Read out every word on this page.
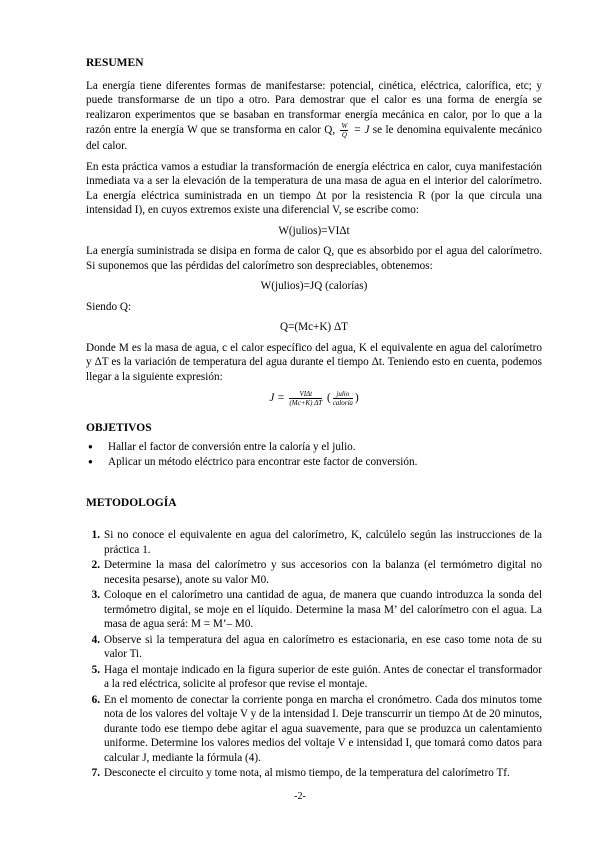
RESUMEN

La energía tiene diferentes formas de manifestarse: potencial, cinética, eléctrica, calorífica, etc; y puede transformarse de un tipo a otro. Para demostrar que el calor es una forma de energía se realizaron experimentos que se basaban en transformar energía mecánica en calor, por lo que a la razón entre la energía W que se transforma en calor Q, $\frac{W}{Q} = J$ se le denomina equivalente mecánico del calor.

En esta práctica vamos a estudiar la transformación de energía eléctrica en calor, cuya manifestación inmediata va a ser la elevación de la temperatura de una masa de agua en el interior del calorímetro. La energía eléctrica suministrada en un tiempo Δt por la resistencia R (por la que circula una intensidad I), en cuyos extremos existe una diferencial V, se escribe como:

W(julios)=VIΔt

La energía suministrada se disipa en forma de calor Q, que es absorbido por el agua del calorímetro. Si suponemos que las pérdidas del calorímetro son despreciables, obtenemos:

W(julios)=JQ (calorías)

Siendo Q:

Q=(Mc+K) ΔT

Donde M es la masa de agua, c el calor específico del agua, K el equivalente en agua del calorímetro y ΔT es la variación de temperatura del agua durante el tiempo Δt. Teniendo esto en cuenta, podemos llegar a la siguiente expresión:

$J = \frac{\text{VIΔt}}{(Mc+K) \Delta T}$ ( $\frac{\text{julio}}{\text{caloría}}$ )
OBJETIVOS
● Hallar el factor de conversión entre la caloría y el julio.
● Aplicar un método eléctrico para encontrar este factor de conversión.
METODOLOGÍA
1. Si no conoce el equivalente en agua del calorímetro, K, calcúlelo según las instrucciones de la práctica 1.
2. Determine la masa del calorímetro y sus accesorios con la balanza (el termómetro digital no necesita pesarse), anote su valor M0.
3. Coloque en el calorímetro una cantidad de agua, de manera que cuando introduzca la sonda del termómetro digital, se moje en el líquido. Determine la masa M’ del calorímetro con el agua. La masa de agua será: M = M’– M0.
4. Observe si la temperatura del agua en calorímetro es estacionaria, en ese caso tome nota de su valor Ti.
5. Haga el montaje indicado en la figura superior de este guión. Antes de conectar el transformador a la red eléctrica, solicite al profesor que revise el montaje.
6. En el momento de conectar la corriente ponga en marcha el cronómetro. Cada dos minutos tome nota de los valores del voltaje V y de la intensidad I. Deje transcurrir un tiempo Δt de 20 minutos, durante todo ese tiempo debe agitar el agua suavemente, para que se produzca un calentamiento uniforme. Determine los valores medios del voltaje V e intensidad I, que tomará como datos para calcular J, mediante la fórmula (4).
7. Desconecte el circuito y tome nota, al mismo tiempo, de la temperatura del calorímetro Tf.
-2-
